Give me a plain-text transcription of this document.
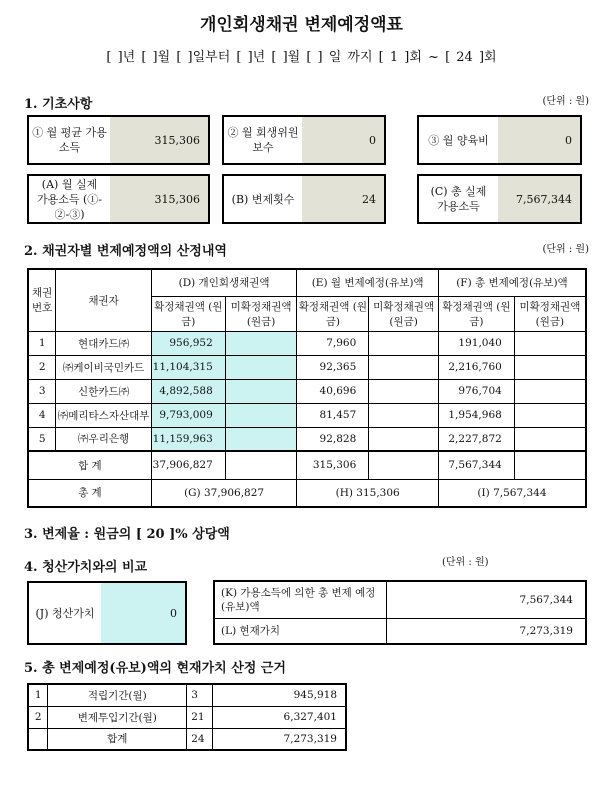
개인회생채권 변제예정액표
[ ]년 [ ]월 [ ]일부터 [ ]년 [ ]월 [ ] 일 까지 [ 1 ]회 ~ [ 24 ]회
1. 기초사항	(단위 : 원)
① 월 평균 가용소득
315,306
② 월 회생위원보수
0	③ 월 양육비	0
(A) 월 실제 가용소득 (①-②-③)
315,306	(B) 변제횟수	24
(C) 총 실제 가용소득
7,567,344
2. 채권자별 변제예정액의 산정내역	(단위 : 원)
채권 번호	채권자	(D) 개인회생채권액		(E) 월 변제예정(유보)액		(F) 총 변제예정(유보)액	
		확정채권액 (원금)	미확정채권액 (원금)	확정채권액 (원금)	미확정채권액 (원금)	확정채권액 (원금)	미확정채권액 (원금)
1	현대카드㈜	956,952		7,960		191,040	
2	㈜케이비국민카드	11,104,315		92,365		2,216,760	
3	신한카드㈜	4,892,588		40,696		976,704	
4	㈜메리타스자산대부	9,793,009		81,457		1,954,968	
5	㈜우리은행	11,159,963		92,828		2,227,872	
합 계		37,906,827		315,306		7,567,344	
총 계		(G) 37,906,827		(H) 315,306		(I) 7,567,344	
3. 변제율 : 원금의 [ 20 ]% 상당액
4. 청산가치와의 비교	(단위 : 원)
(J) 청산가치	0
(K) 가용소득에 의한 총 변제 예정(유보)액	7,567,344
(L) 현재가치	7,273,319
5. 총 변제예정(유보)액의 현재가치 산정 근거
1	적립기간(월)	3	945,918
2	변제투입기간(월)	21	6,327,401
	합계	24	7,273,319
